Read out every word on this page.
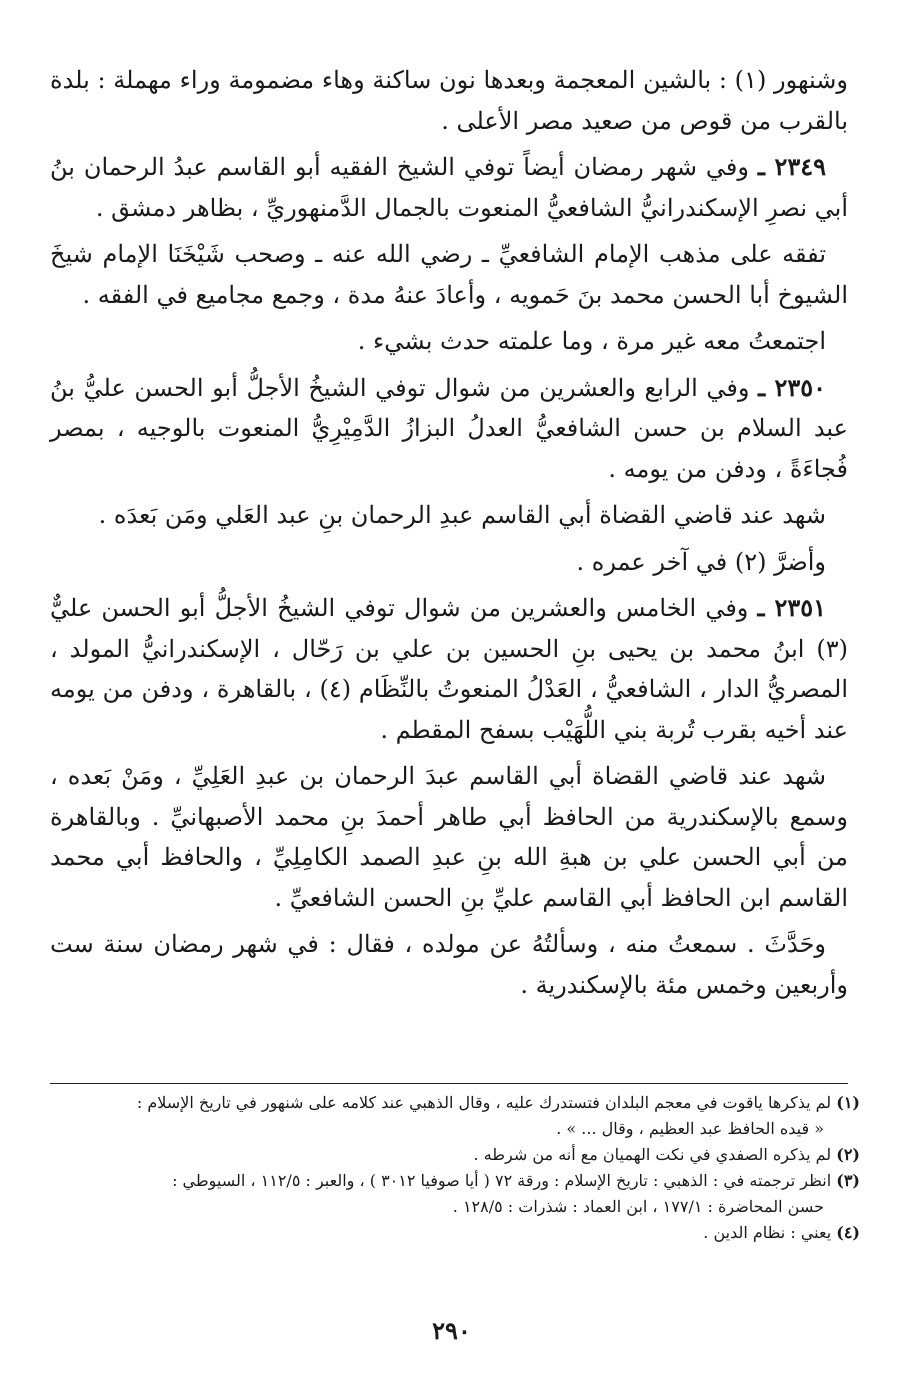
وشنهور (١) : بالشين المعجمة وبعدها نون ساكنة وهاء مضمومة وراء مهملة : بلدة بالقرب من قوص من صعيد مصر الأعلى .

٢٣٤٩ ـ وفي شهر رمضان أيضاً توفي الشيخ الفقيه أبو القاسم عبدُ الرحمان بنُ أبي نصرِ الإسكندرانيُّ الشافعيُّ المنعوت بالجمال الدَّمنهوريِّ ، بظاهر دمشق .

تفقه على مذهب الإمام الشافعيِّ ـ رضي الله عنه ـ وصحب شَيْخَنَا الإمام شيخَ الشيوخ أبا الحسن محمد بنَ حَمويه ، وأعادَ عنهُ مدة ، وجمع مجاميع في الفقه .

اجتمعتُ معه غير مرة ، وما علمته حدث بشيء .

٢٣٥٠ ـ وفي الرابع والعشرين من شوال توفي الشيخُ الأجلُّ أبو الحسن عليُّ بنُ عبد السلام بن حسن الشافعيُّ العدلُ البزازُ الدَّمِيْرِيُّ المنعوت بالوجيه ، بمصر فُجاءَةً ، ودفن من يومه .

شهد عند قاضي القضاة أبي القاسم عبدِ الرحمان بنِ عبد العَلي ومَن بَعدَه .

وأضرَّ (٢) في آخر عمره .

٢٣٥١ ـ وفي الخامس والعشرين من شوال توفي الشيخُ الأجلُّ أبو الحسن عليٌّ (٣) ابنُ محمد بن يحيى بنِ الحسين بن علي بن رَحّال ، الإسكندرانيُّ المولد ، المصريُّ الدار ، الشافعيُّ ، العَدْلُ المنعوتُ بالنِّظَام (٤) ، بالقاهرة ، ودفن من يومه عند أخيه بقرب تُربة بني اللُّهَيْب بسفح المقطم .

شهد عند قاضي القضاة أبي القاسم عبدَ الرحمان بن عبدِ العَلِيِّ ، ومَنْ بَعده ، وسمع بالإسكندرية من الحافظ أبي طاهر أحمدَ بنِ محمد الأصبهانيِّ . وبالقاهرة من أبي الحسن علي بن هبةِ الله بنِ عبدِ الصمد الكامِلِيِّ ، والحافظ أبي محمد القاسم ابن الحافظ أبي القاسم عليِّ بنِ الحسن الشافعيِّ .

وحَدَّثَ . سمعتُ منه ، وسألتُهُ عن مولده ، فقال : في شهر رمضان سنة ست وأربعين وخمس مئة بالإسكندرية .

(١) لم يذكرها ياقوت في معجم البلدان فتستدرك عليه ، وقال الذهبي عند كلامه على شنهور في تاريخ الإسلام :

« قيده الحافظ عبد العظيم ، وقال ... » .

(٢) لم يذكره الصفدي في نكت الهميان مع أنه من شرطه .

(٣) انظر ترجمته في : الذهبي : تاريخ الإسلام : ورقة ٧٢ ( أيا صوفيا ٣٠١٢ ) ، والعبر : ١١٢/٥ ، السيوطي :

حسن المحاضرة : ١٧٧/١ ، ابن العماد : شذرات : ١٢٨/٥ .

(٤) يعني : نظام الدين .

٢٩٠
